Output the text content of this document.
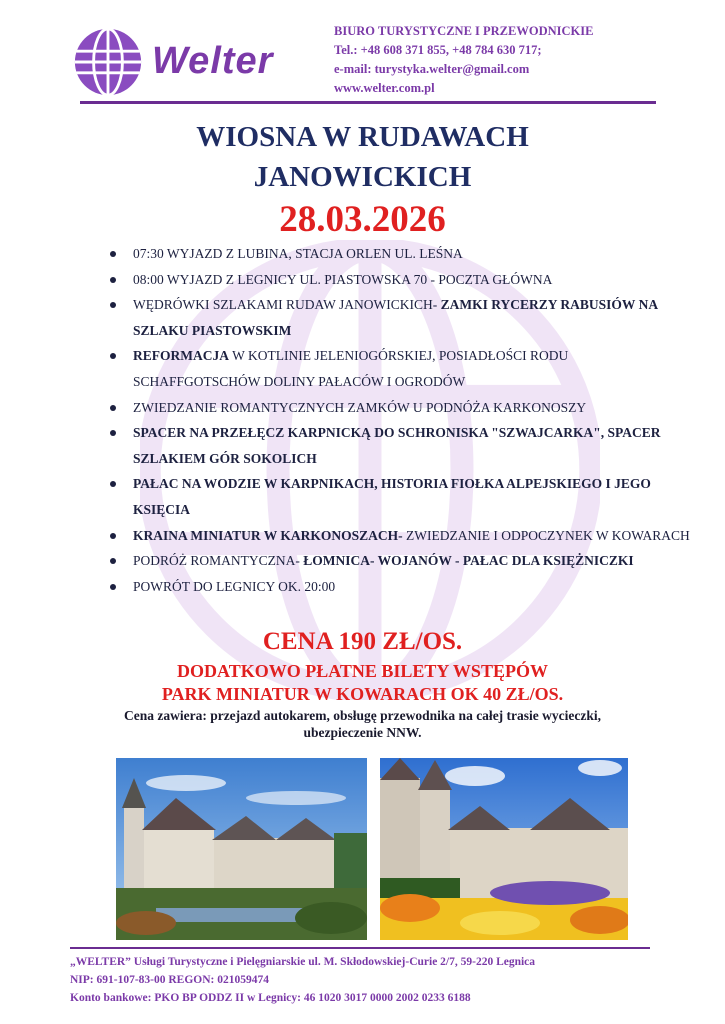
Welter
BIURO TURYSTYCZNE I PRZEWODNICKIE
Tel.: +48 608 371 855, +48 784 630 717;
e-mail: turystyka.welter@gmail.com
www.welter.com.pl
WIOSNA W RUDAWACH
JANOWICKICH
28.03.2026
07:30 WYJAZD Z LUBINA, STACJA ORLEN UL. LEŚNA
08:00 WYJAZD Z LEGNICY UL. PIASTOWSKA 70 - POCZTA GŁÓWNA
WĘDRÓWKI SZLAKAMI RUDAW JANOWICKICH- ZAMKI RYCERZY RABUSIÓW NA SZLAKU PIASTOWSKIM
REFORMACJA W KOTLINIE JELENIOGÓRSKIEJ, POSIADŁOŚCI RODU SCHAFFGOTSCHÓW DOLINY PAŁACÓW I OGRODÓW
ZWIEDZANIE ROMANTYCZNYCH ZAMKÓW U PODNÓŻA KARKONOSZY
SPACER NA PRZEŁĘCZ KARPNICKĄ DO SCHRONISKA "SZWAJCARKA", SPACER SZLAKIEM GÓR SOKOLICH
PAŁAC NA WODZIE W KARPNIKACH, HISTORIA FIOŁKA ALPEJSKIEGO I JEGO KSIĘCIA
KRAINA MINIATUR W KARKONOSZACH- ZWIEDZANIE I ODPOCZYNEK W KOWARACH
PODRÓŻ ROMANTYCZNA- ŁOMNICA- WOJANÓW - PAŁAC DLA KSIĘŻNICZKI
POWRÓT DO LEGNICY OK. 20:00
CENA 190 ZŁ/OS.
DODATKOWO PŁATNE BILETY WSTĘPÓW
PARK MINIATUR W KOWARACH OK 40 ZŁ/OS.
Cena zawiera: przejazd autokarem, obsługę przewodnika na całej trasie wycieczki, ubezpieczenie NNW.
„WELTER” Usługi Turystyczne i Pielęgniarskie ul. M. Skłodowskiej-Curie 2/7, 59-220 Legnica
NIP: 691-107-83-00 REGON: 021059474
Konto bankowe: PKO BP ODDZ II w Legnicy: 46 1020 3017 0000 2002 0233 6188
